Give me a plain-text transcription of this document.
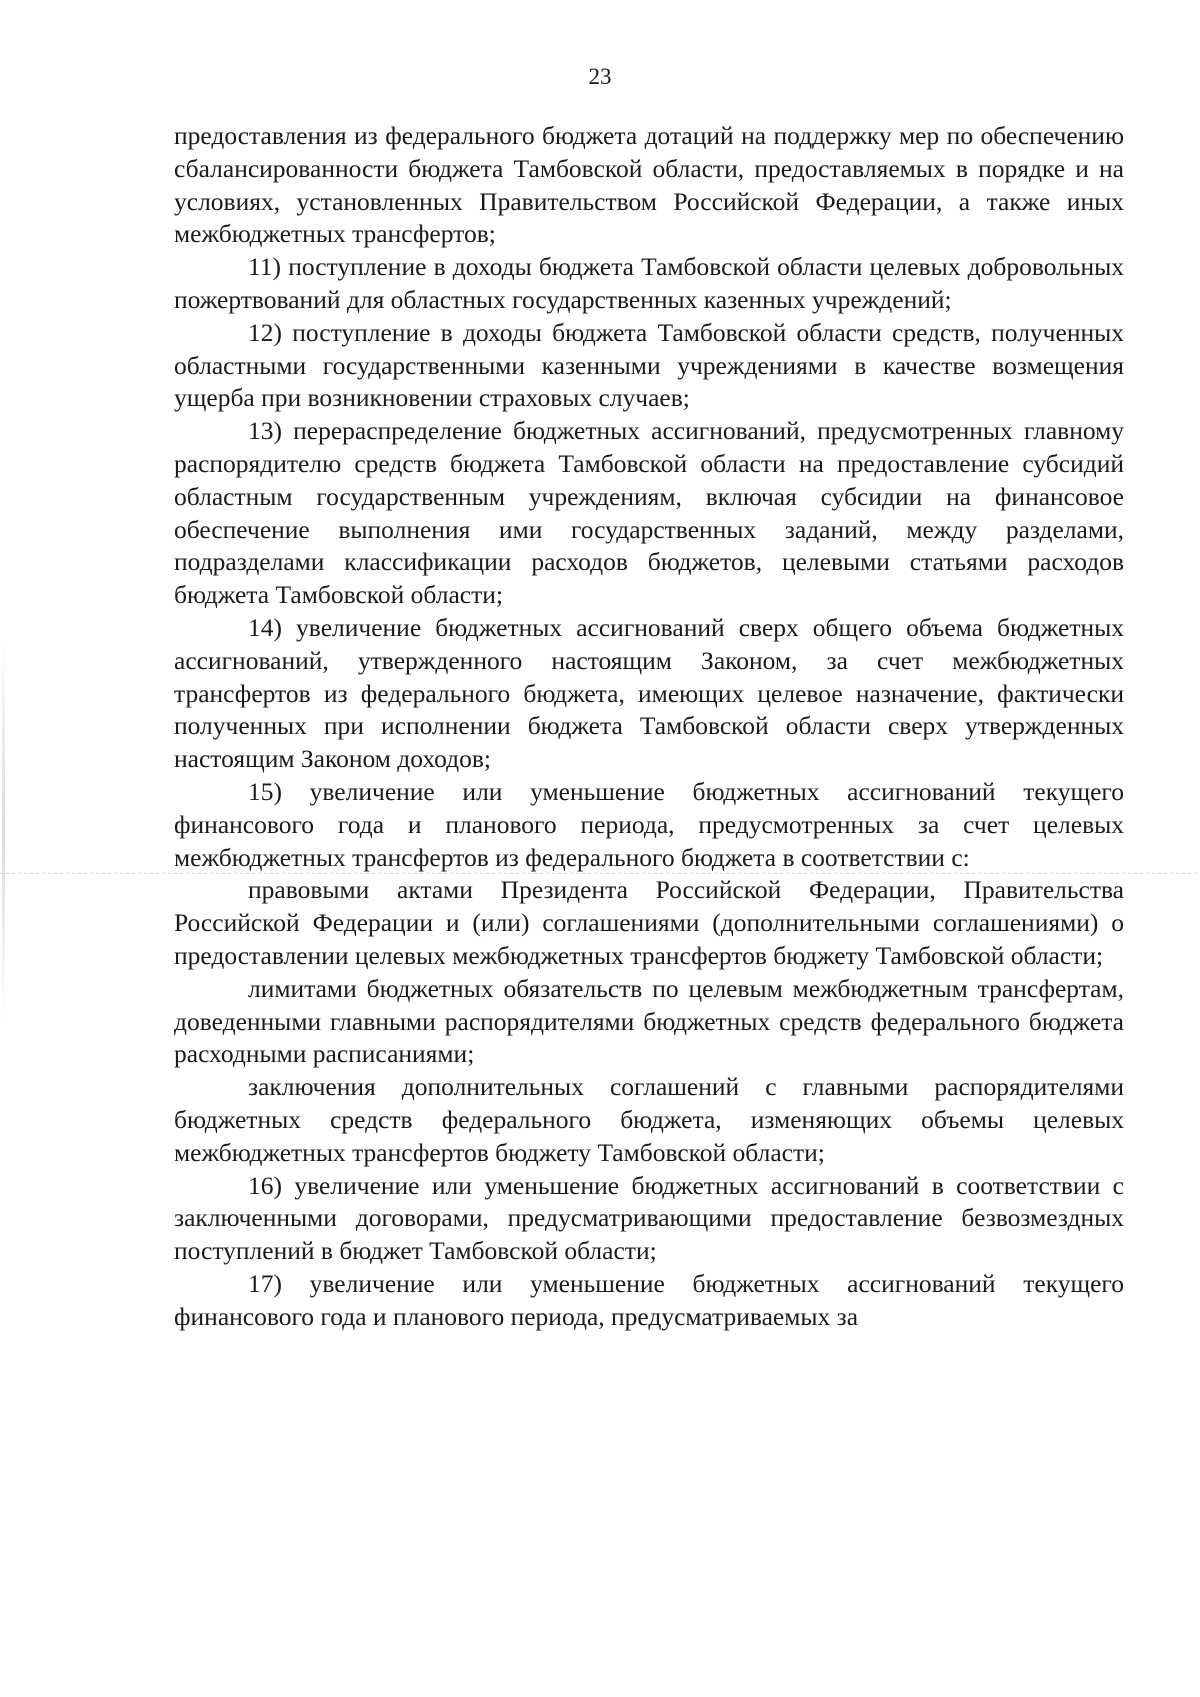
23

предоставления из федерального бюджета дотаций на поддержку мер по обеспечению сбалансированности бюджета Тамбовской области, предоставляемых в порядке и на условиях, установленных Правительством Российской Федерации, а также иных межбюджетных трансфертов;

11) поступление в доходы бюджета Тамбовской области целевых добровольных пожертвований для областных государственных казенных учреждений;

12) поступление в доходы бюджета Тамбовской области средств, полученных областными государственными казенными учреждениями в качестве возмещения ущерба при возникновении страховых случаев;

13) перераспределение бюджетных ассигнований, предусмотренных главному распорядителю средств бюджета Тамбовской области на предоставление субсидий областным государственным учреждениям, включая субсидии на финансовое обеспечение выполнения ими государственных заданий, между разделами, подразделами классификации расходов бюджетов, целевыми статьями расходов бюджета Тамбовской области;

14) увеличение бюджетных ассигнований сверх общего объема бюджетных ассигнований, утвержденного настоящим Законом, за счет межбюджетных трансфертов из федерального бюджета, имеющих целевое назначение, фактически полученных при исполнении бюджета Тамбовской области сверх утвержденных настоящим Законом доходов;

15) увеличение или уменьшение бюджетных ассигнований текущего финансового года и планового периода, предусмотренных за счет целевых межбюджетных трансфертов из федерального бюджета в соответствии с:

правовыми актами Президента Российской Федерации, Правительства Российской Федерации и (или) соглашениями (дополнительными соглашениями) о предоставлении целевых межбюджетных трансфертов бюджету Тамбовской области;

лимитами бюджетных обязательств по целевым межбюджетным трансфертам, доведенными главными распорядителями бюджетных средств федерального бюджета расходными расписаниями;

заключения дополнительных соглашений с главными распорядителями бюджетных средств федерального бюджета, изменяющих объемы целевых межбюджетных трансфертов бюджету Тамбовской области;

16) увеличение или уменьшение бюджетных ассигнований в соответствии с заключенными договорами, предусматривающими предоставление безвозмездных поступлений в бюджет Тамбовской области;

17) увеличение или уменьшение бюджетных ассигнований текущего финансового года и планового периода, предусматриваемых за
